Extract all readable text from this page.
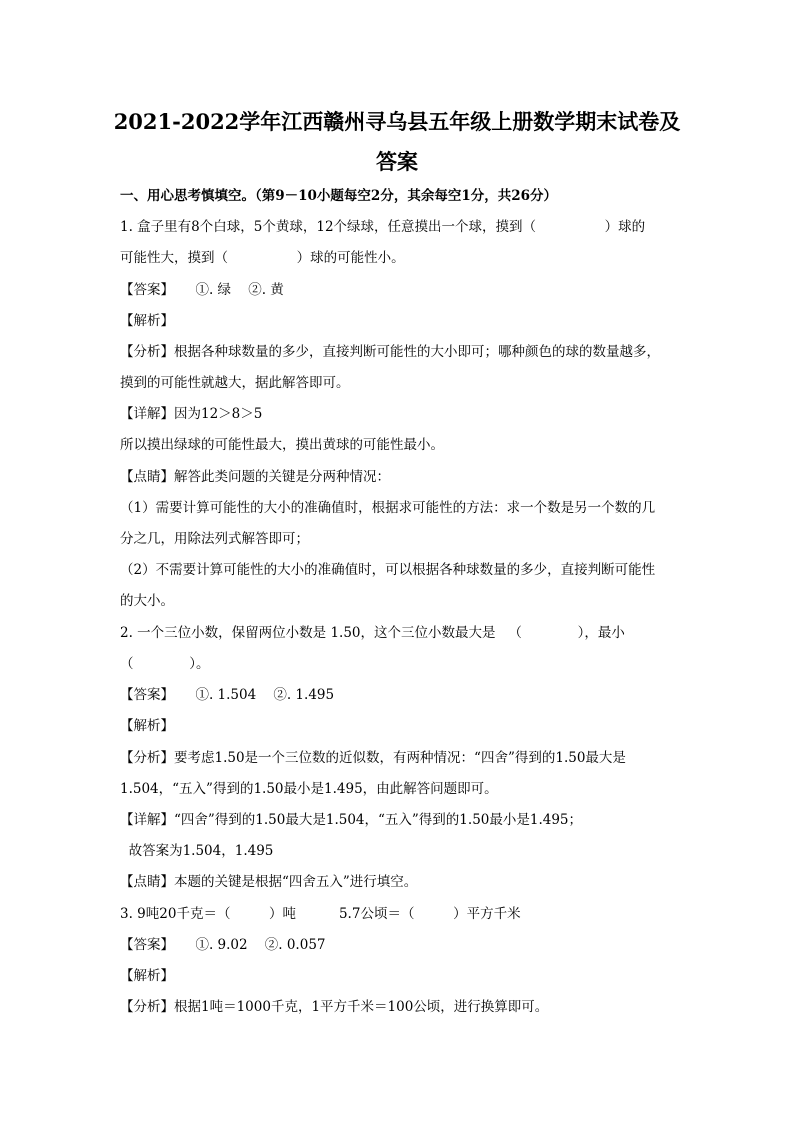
2021-2022学年江西赣州寻乌县五年级上册数学期末试卷及
答案
一、用心思考慎填空。（第9－10小题每空2分，其余每空1分，共26分）
1. 盒子里有8个白球，5个黄球，12个绿球，任意摸出一个球，摸到（                ）球的
可能性大，摸到（                ）球的可能性小。
【答案】     ①. 绿    ②. 黄
【解析】
【分析】根据各种球数量的多少，直接判断可能性的大小即可；哪种颜色的球的数量越多，
摸到的可能性就越大，据此解答即可。
【详解】因为12＞8＞5
所以摸出绿球的可能性最大，摸出黄球的可能性最小。
【点睛】解答此类问题的关键是分两种情况：
（1）需要计算可能性的大小的准确值时，根据求可能性的方法：求一个数是另一个数的几
分之几，用除法列式解答即可；
（2）不需要计算可能性的大小的准确值时，可以根据各种球数量的多少，直接判断可能性
的大小。
2. 一个三位小数，保留两位小数是 1.50，这个三位小数最大是   （             ），最小
（             ）。
【答案】     ①. 1.504    ②. 1.495
【解析】
【分析】要考虑1.50是一个三位数的近似数，有两种情况：“四舍”得到的1.50最大是
1.504，“五入”得到的1.50最小是1.495，由此解答问题即可。
【详解】“四舍”得到的1.50最大是1.504，“五入”得到的1.50最小是1.495；
故答案为1.504，1.495
【点睛】本题的关键是根据“四舍五入”进行填空。
3. 9吨20千克＝（         ）吨          5.7公顷＝（         ）平方千米
【答案】     ①. 9.02    ②. 0.057
【解析】
【分析】根据1吨＝1000千克，1平方千米＝100公顷，进行换算即可。
